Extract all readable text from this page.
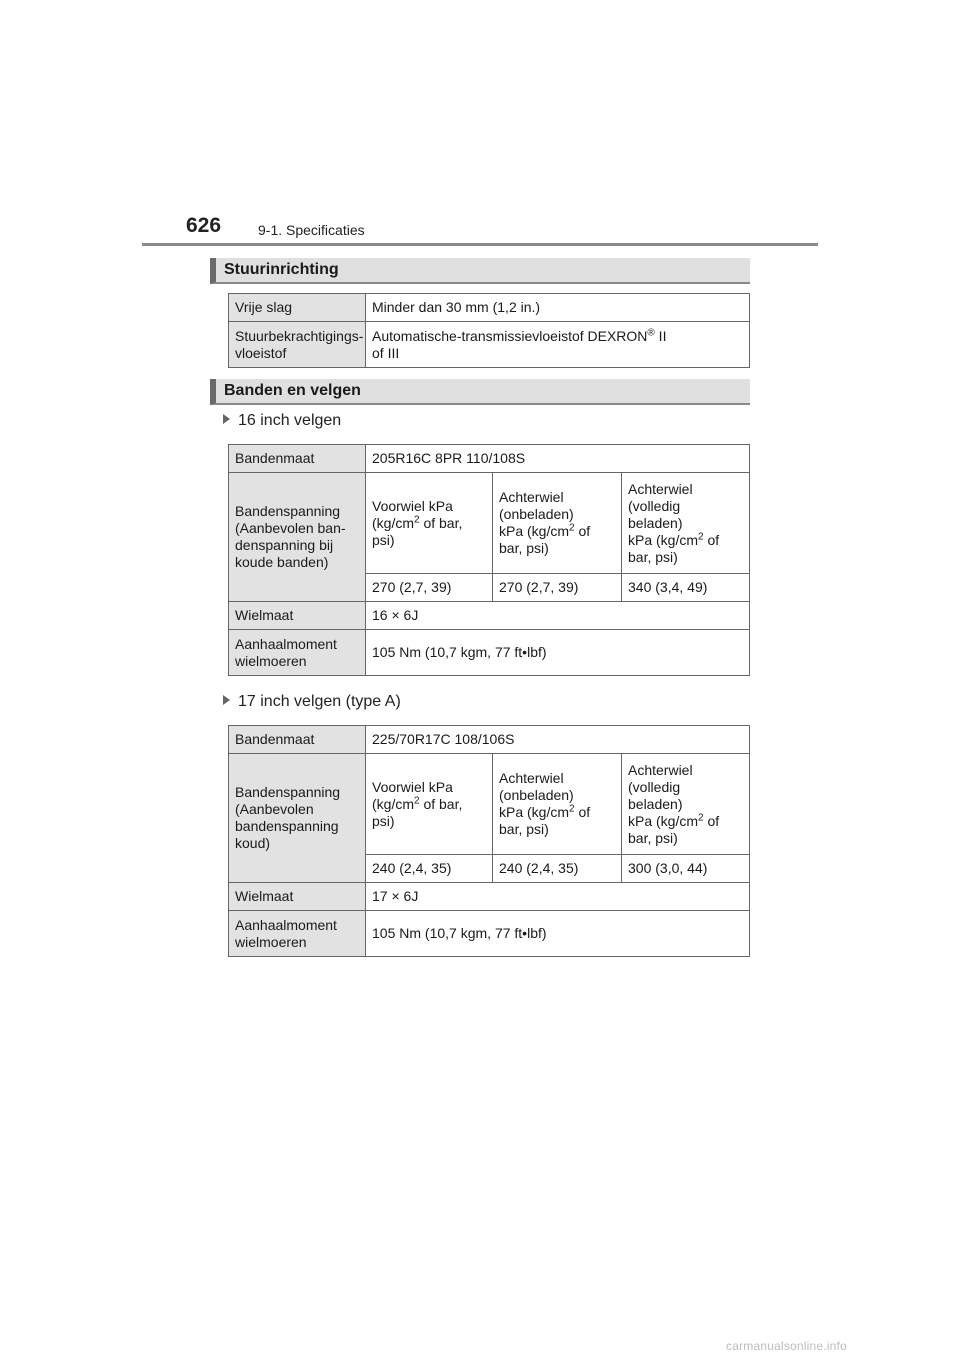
626	9-1. Specificaties
Stuurinrichting
Vrije slag	Minder dan 30 mm (1,2 in.)
Stuurbekrachtigings-
vloeistof	Automatische-transmissievloeistof DEXRON® II
of III
Banden en velgen
16 inch velgen
Bandenmaat	205R16C 8PR 110/108S		
Bandenspanning
(Aanbevolen ban-
denspanning bij
koude banden)	Voorwiel kPa
($kg/cm^2$ of bar,
psi)	Achterwiel
(onbeladen)
kPa ($kg/cm^2$ of
bar, psi)	Achterwiel
(volledig
beladen)
kPa ($kg/cm^2$ of
bar, psi)
	270 (2,7, 39)	270 (2,7, 39)	340 (3,4, 49)
Wielmaat	16 × 6J		
Aanhaalmoment
wielmoeren	105 Nm (10,7 kgm, 77 ft•lbf)		
17 inch velgen (type A)
Bandenmaat	225/70R17C 108/106S		
Bandenspanning
(Aanbevolen
bandenspanning
koud)	Voorwiel kPa
($kg/cm^2$ of bar,
psi)	Achterwiel
(onbeladen)
kPa ($kg/cm^2$ of
bar, psi)	Achterwiel
(volledig
beladen)
kPa ($kg/cm^2$ of
bar, psi)
	240 (2,4, 35)	240 (2,4, 35)	300 (3,0, 44)
Wielmaat	17 × 6J		
Aanhaalmoment
wielmoeren	105 Nm (10,7 kgm, 77 ft•lbf)		
carmanualsonline.info
